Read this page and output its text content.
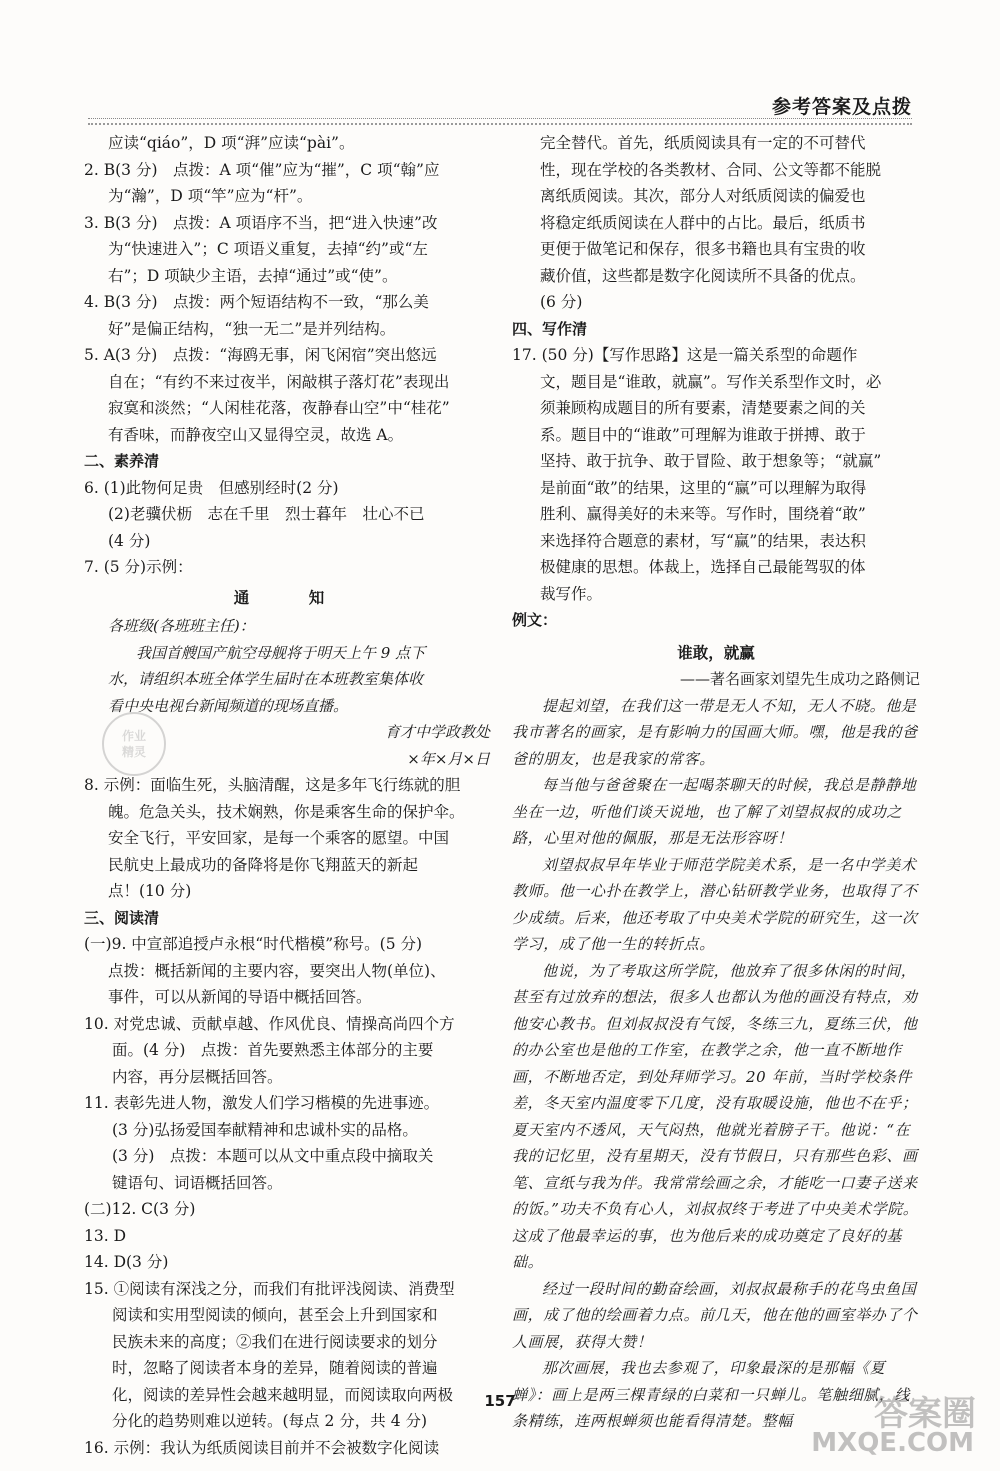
参考答案及点拨

应读“qiáo”，D 项“湃”应读“pài”。

2. B(3 分)　点拨：A 项“催”应为“摧”，C 项“翰”应

为“瀚”，D 项“竿”应为“杆”。

3. B(3 分)　点拨：A 项语序不当，把“进入快速”改

为“快速进入”；C 项语义重复，去掉“约”或“左

右”；D 项缺少主语，去掉“通过”或“使”。

4. B(3 分)　点拨：两个短语结构不一致，“那么美

好”是偏正结构，“独一无二”是并列结构。

5. A(3 分)　点拨：“海鸥无事，闲飞闲宿”突出悠远

自在；“有约不来过夜半，闲敲棋子落灯花”表现出

寂寞和淡然；“人闲桂花落，夜静春山空”中“桂花”

有香味，而静夜空山又显得空灵，故选 A。

二、素养清

6. (1)此物何足贵　但感别经时(2 分)

(2)老骥伏枥　志在千里　烈士暮年　壮心不已

(4 分)

7. (5 分)示例：

通　知

各班级(各班班主任)：

我国首艘国产航空母舰将于明天上午 9 点下

水，请组织本班全体学生届时在本班教室集体收

看中央电视台新闻频道的现场直播。

育才中学政教处

×年×月×日

8. 示例：面临生死，头脑清醒，这是多年飞行练就的胆

魄。危急关头，技术娴熟，你是乘客生命的保护伞。

安全飞行，平安回家，是每一个乘客的愿望。中国

民航史上最成功的备降将是你飞翔蓝天的新起

点！(10 分)

三、阅读清

(一)9. 中宣部追授卢永根“时代楷模”称号。(5 分)

点拨：概括新闻的主要内容，要突出人物(单位)、

事件，可以从新闻的导语中概括回答。

10. 对党忠诚、贡献卓越、作风优良、情操高尚四个方

面。(4 分)　点拨：首先要熟悉主体部分的主要

内容，再分层概括回答。

11. 表彰先进人物，激发人们学习楷模的先进事迹。

(3 分)弘扬爱国奉献精神和忠诚朴实的品格。

(3 分)　点拨：本题可以从文中重点段中摘取关

键语句、词语概括回答。

(二)12. C(3 分)

13. D

14. D(3 分)

15. ①阅读有深浅之分，而我们有批评浅阅读、消费型

阅读和实用型阅读的倾向，甚至会上升到国家和

民族未来的高度；②我们在进行阅读要求的划分

时，忽略了阅读者本身的差异，随着阅读的普遍

化，阅读的差异性会越来越明显，而阅读取向两极

分化的趋势则难以逆转。(每点 2 分，共 4 分)

16. 示例：我认为纸质阅读目前并不会被数字化阅读

完全替代。首先，纸质阅读具有一定的不可替代

性，现在学校的各类教材、合同、公文等都不能脱

离纸质阅读。其次，部分人对纸质阅读的偏爱也

将稳定纸质阅读在人群中的占比。最后，纸质书

更便于做笔记和保存，很多书籍也具有宝贵的收

藏价值，这些都是数字化阅读所不具备的优点。

(6 分)

四、写作清

17. (50 分)【写作思路】这是一篇关系型的命题作

文，题目是“谁敢，就赢”。写作关系型作文时，必

须兼顾构成题目的所有要素，清楚要素之间的关

系。题目中的“谁敢”可理解为谁敢于拼搏、敢于

坚持、敢于抗争、敢于冒险、敢于想象等；“就赢”

是前面“敢”的结果，这里的“赢”可以理解为取得

胜利、赢得美好的未来等。写作时，围绕着“敢”

来选择符合题意的素材，写“赢”的结果，表达积

极健康的思想。体裁上，选择自己最能驾驭的体

裁写作。

例文：

谁敢，就赢

——著名画家刘望先生成功之路侧记

提起刘望，在我们这一带是无人不知，无人不晓。他是我市著名的画家，是有影响力的国画大师。嘿，他是我的爸爸的朋友，也是我家的常客。

每当他与爸爸聚在一起喝茶聊天的时候，我总是静静地坐在一边，听他们谈天说地，也了解了刘望叔叔的成功之路，心里对他的佩服，那是无法形容呀！

刘望叔叔早年毕业于师范学院美术系，是一名中学美术教师。他一心扑在教学上，潜心钻研教学业务，也取得了不少成绩。后来，他还考取了中央美术学院的研究生，这一次学习，成了他一生的转折点。

他说，为了考取这所学院，他放弃了很多休闲的时间，甚至有过放弃的想法，很多人也都认为他的画没有特点，劝他安心教书。但刘叔叔没有气馁，冬练三九，夏练三伏，他的办公室也是他的工作室，在教学之余，他一直不断地作画，不断地否定，到处拜师学习。20 年前，当时学校条件差，冬天室内温度零下几度，没有取暖设施，他也不在乎；夏天室内不透风，天气闷热，他就光着膀子干。他说：“在我的记忆里，没有星期天，没有节假日，只有那些色彩、画笔、宣纸与我为伴。我常常绘画之余，才能吃一口妻子送来的饭。”功夫不负有心人，刘叔叔终于考进了中央美术学院。这成了他最幸运的事，也为他后来的成功奠定了良好的基础。

经过一段时间的勤奋绘画，刘叔叔最称手的花鸟虫鱼国画，成了他的绘画着力点。前几天，他在他的画室举办了个人画展，获得大赞！

那次画展，我也去参观了，印象最深的是那幅《夏蝉》：画上是两三棵青绿的白菜和一只蝉儿。笔触细腻，线条精练，连两根蝉须也能看得清楚。整幅

157
作业
精灵
答案圈
MXQE.COM
